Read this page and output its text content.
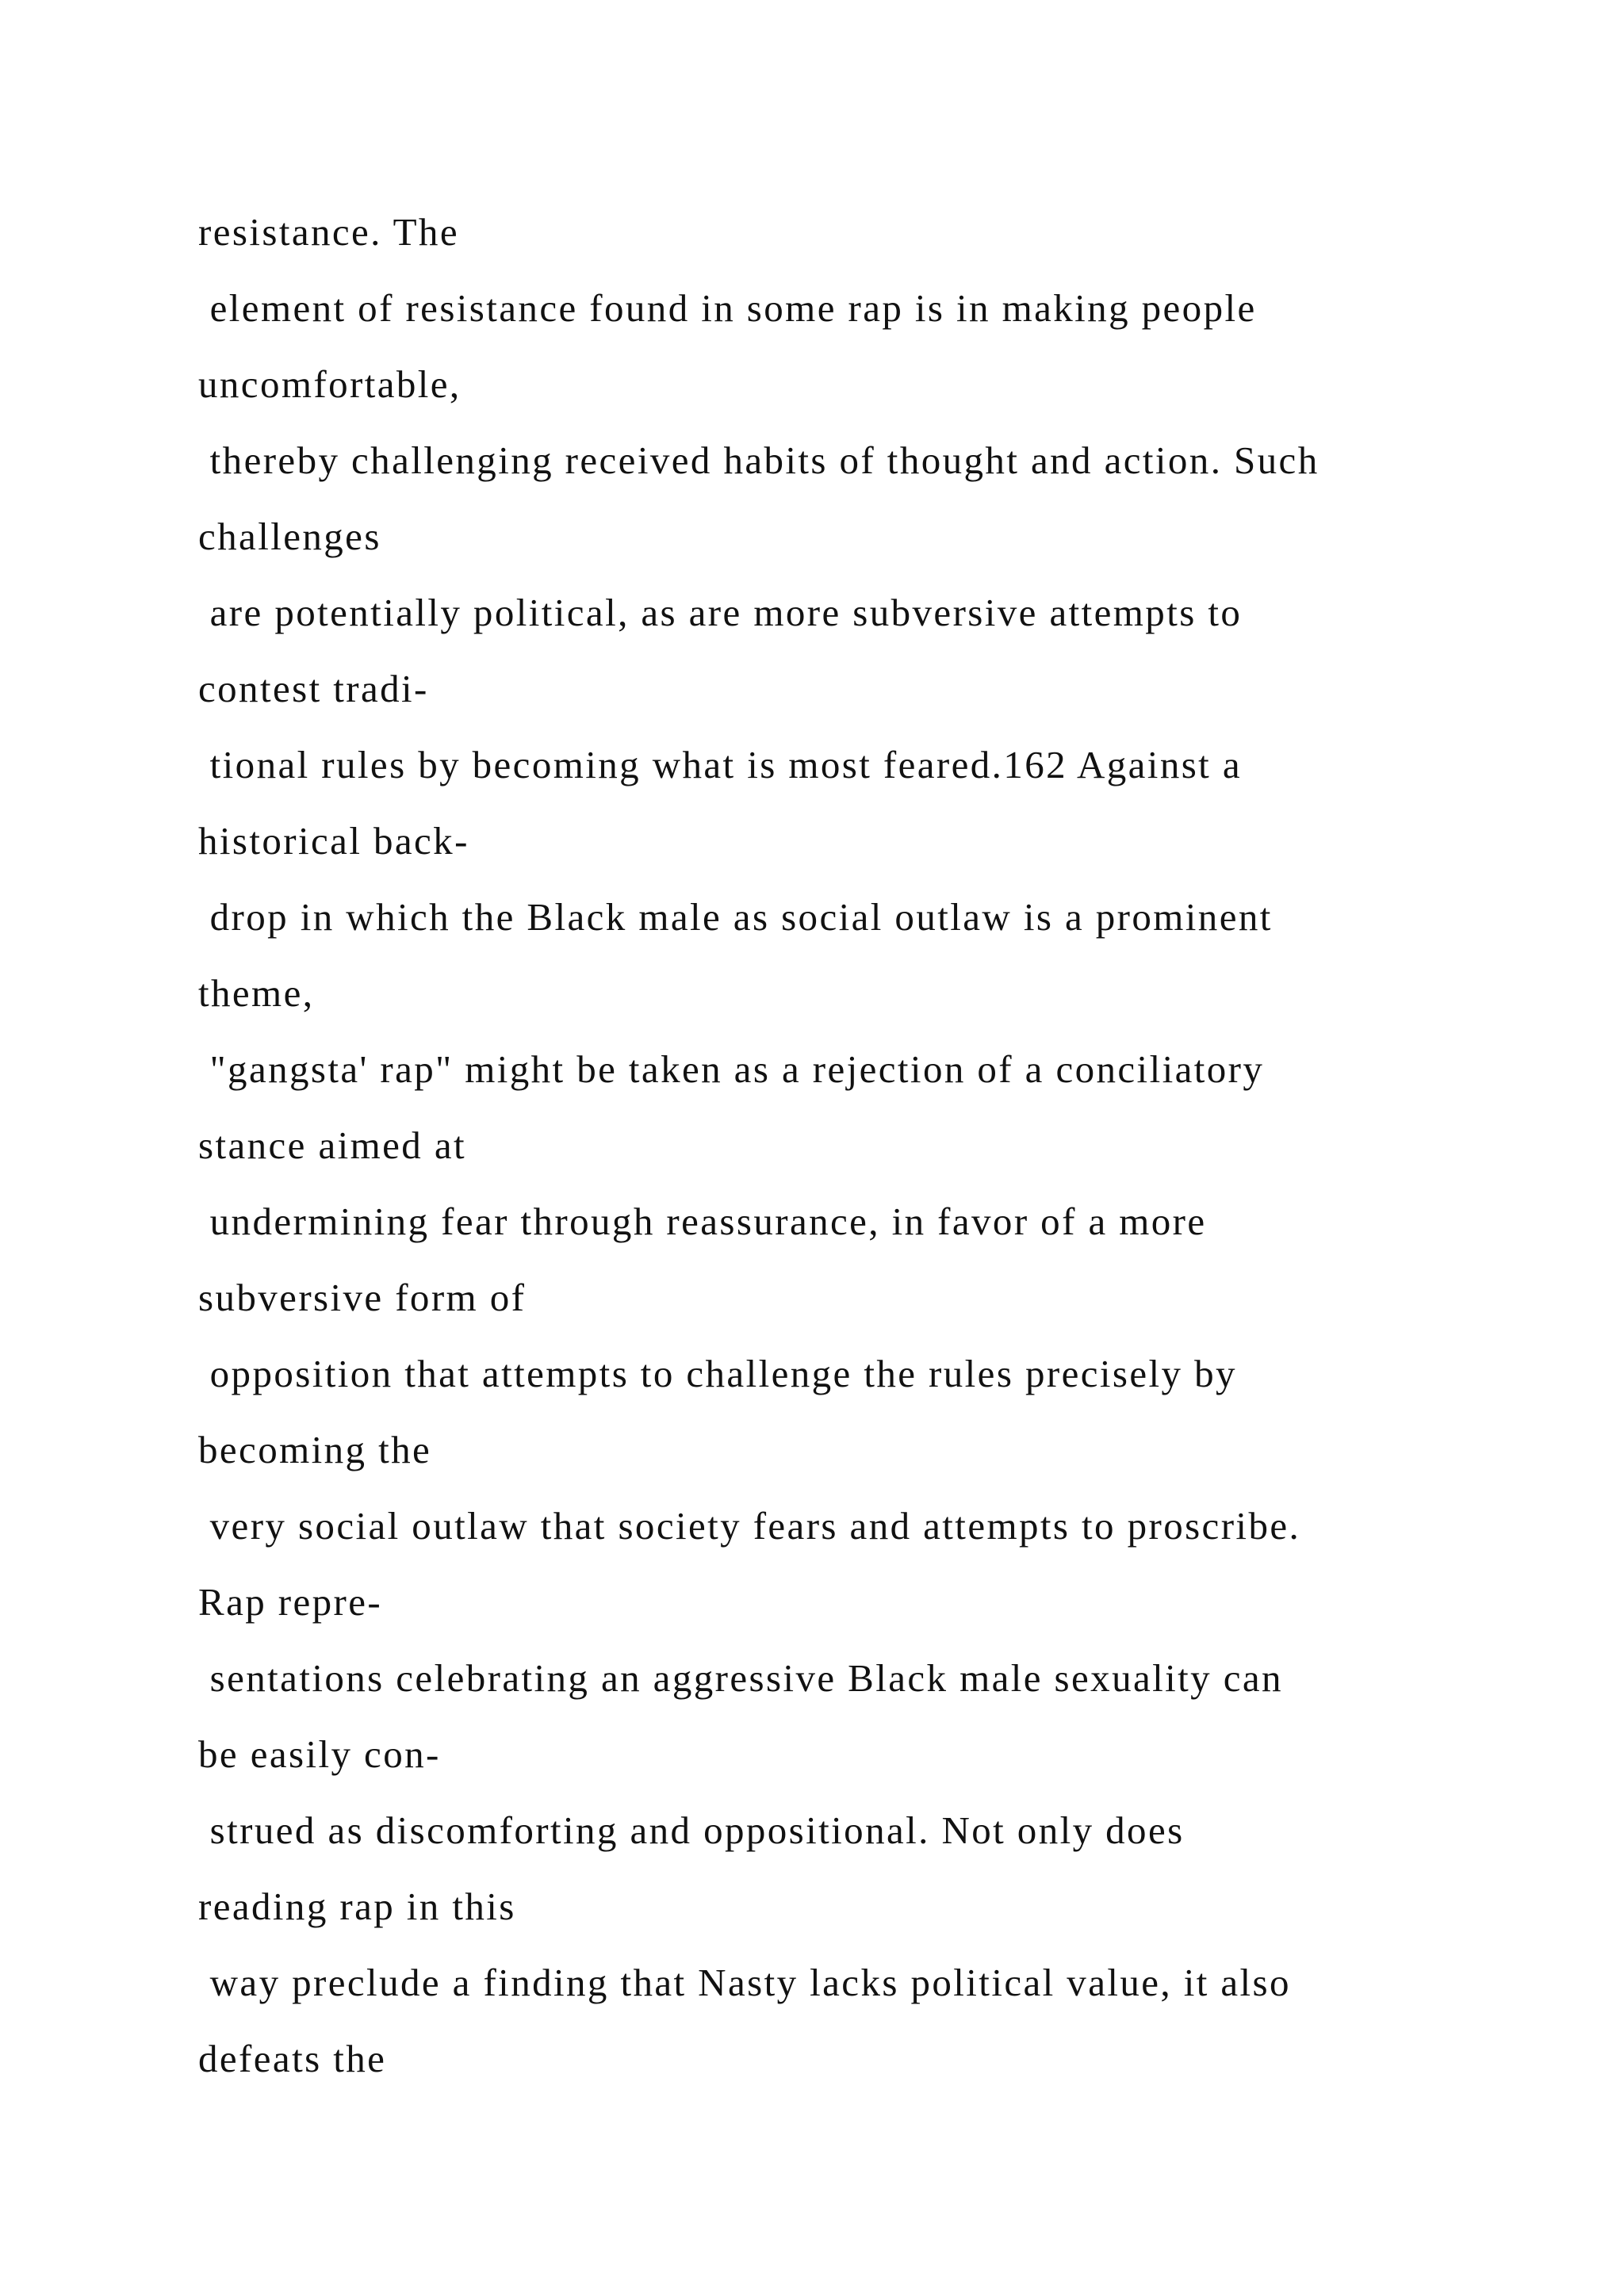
resistance. The

element of resistance found in some rap is in making people

uncomfortable,

thereby challenging received habits of thought and action. Such

challenges

are potentially political, as are more subversive attempts to

contest tradi-

tional rules by becoming what is most feared.162 Against a

historical back-

drop in which the Black male as social outlaw is a prominent

theme,

"gangsta' rap" might be taken as a rejection of a conciliatory

stance aimed at

undermining fear through reassurance, in favor of a more

subversive form of

opposition that attempts to challenge the rules precisely by

becoming the

very social outlaw that society fears and attempts to proscribe.

Rap repre-

sentations celebrating an aggressive Black male sexuality can

be easily con-

strued as discomforting and oppositional. Not only does

reading rap in this

way preclude a finding that Nasty lacks political value, it also

defeats the
